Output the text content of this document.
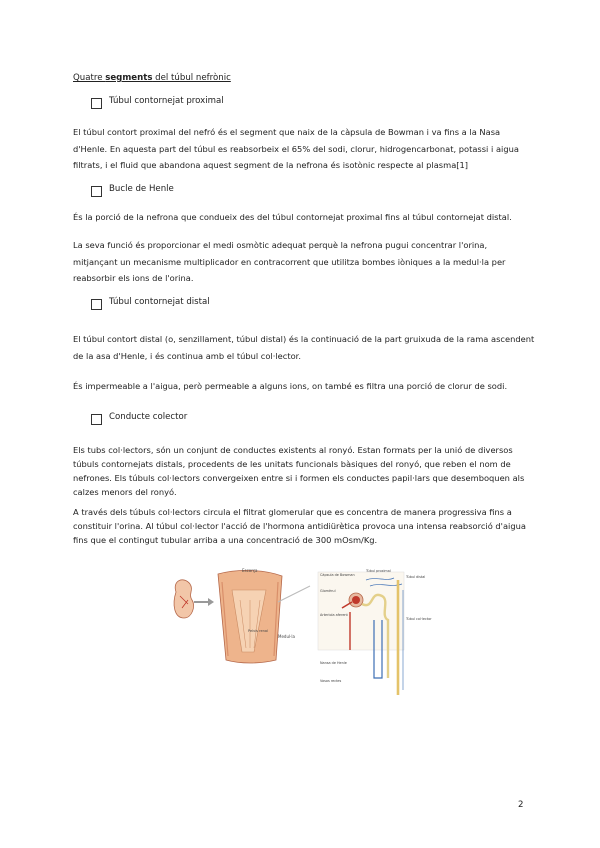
Quatre segments del túbul nefrònic
Túbul contornejat proximal
El túbul contort proximal del nefró és el segment que naix de la càpsula de Bowman i va fins a la Nasa
d'Henle. En aquesta part del túbul es reabsorbeix el 65% del sodi, clorur, hidrogencarbonat, potassi i aigua
filtrats, i el fluid que abandona aquest segment de la nefrona és isotònic respecte al plasma[1]
Bucle de Henle
És la porció de la nefrona que condueix des del túbul contornejat proximal fins al túbul contornejat distal.
La seva funció és proporcionar el medi osmòtic adequat perquè la nefrona pugui concentrar l'orina,
mitjançant un mecanisme multiplicador en contracorrent que utilitza bombes iòniques a la medul·la per
reabsorbir els ions de l'orina.
Túbul contornejat distal
El túbul contort distal (o, senzillament, túbul distal) és la continuació de la part gruixuda de la rama ascendent
de la asa d'Henle, i és continua amb el túbul col·lector.
És impermeable a l'aigua, però permeable a alguns ions, on també es filtra una porció de clorur de sodi.
Conducte colector
Els tubs col·lectors, són un conjunt de conductes existents al ronyó. Estan formats per la unió de diversos
túbuls contornejats distals, procedents de les unitats funcionals bàsiques del ronyó, que reben el nom de
nefrones. Els túbuls col·lectors convergeixen entre si i formen els conductes papil·lars que desemboquen als
calzes menors del ronyó.
A través dels túbuls col·lectors circula el filtrat glomerular que es concentra de manera progressiva fins a
constituir l'orina. Al túbul col·lector l'acció de l'hormona antidiürètica provoca una intensa reabsorció d'aigua
fins que el contingut tubular arriba a una concentració de 300 mOsm/Kg.
Escorça
Medul·la
Pelvis renal
Càpsula de Bowman
Glomèrul
Túbul proximal
Túbul distal
Arteriola aferent
Nansa de Henle
Vasos rectes
Túbul col·lector
2
